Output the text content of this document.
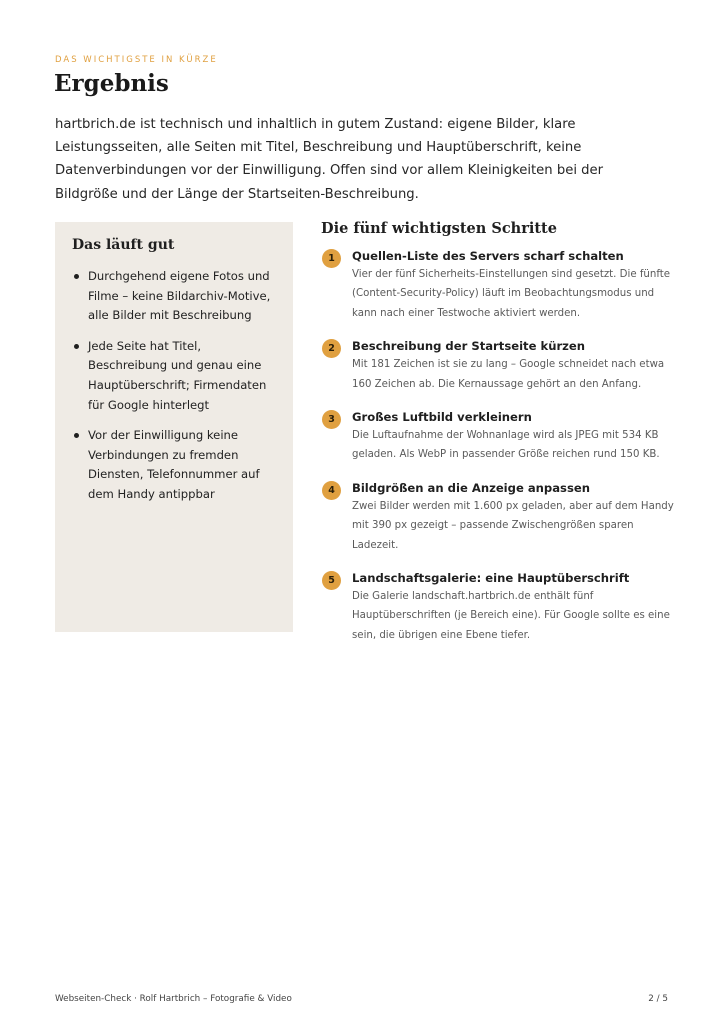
DAS WICHTIGSTE IN KÜRZE
Ergebnis

hartbrich.de ist technisch und inhaltlich in gutem Zustand: eigene Bilder, klare Leistungsseiten, alle Seiten mit Titel, Beschreibung und Hauptüberschrift, keine Datenverbindungen vor der Einwilligung. Offen sind vor allem Kleinigkeiten bei der Bildgröße und der Länge der Startseiten-Beschreibung.

Das läuft gut
Durchgehend eigene Fotos und Filme – keine Bildarchiv-Motive, alle Bilder mit Beschreibung
Jede Seite hat Titel, Beschreibung und genau eine Hauptüberschrift; Firmendaten für Google hinterlegt
Vor der Einwilligung keine Verbindungen zu fremden Diensten, Telefonnummer auf dem Handy antippbar
Die fünf wichtigsten Schritte
1	Quellen-Liste des Servers scharf schalten
Vier der fünf Sicherheits-Einstellungen sind gesetzt. Die fünfte (Content-Security-Policy) läuft im Beobachtungsmodus und kann nach einer Testwoche aktiviert werden.
2	Beschreibung der Startseite kürzen
Mit 181 Zeichen ist sie zu lang – Google schneidet nach etwa 160 Zeichen ab. Die Kernaussage gehört an den Anfang.
3	Großes Luftbild verkleinern
Die Luftaufnahme der Wohnanlage wird als JPEG mit 534 KB geladen. Als WebP in passender Größe reichen rund 150 KB.
4	Bildgrößen an die Anzeige anpassen
Zwei Bilder werden mit 1.600 px geladen, aber auf dem Handy mit 390 px gezeigt – passende Zwischengrößen sparen Ladezeit.
5	Landschaftsgalerie: eine Hauptüberschrift
Die Galerie landschaft.hartbrich.de enthält fünf Hauptüberschriften (je Bereich eine). Für Google sollte es eine sein, die übrigen eine Ebene tiefer.
Webseiten-Check · Rolf Hartbrich – Fotografie & Video	2 / 5
